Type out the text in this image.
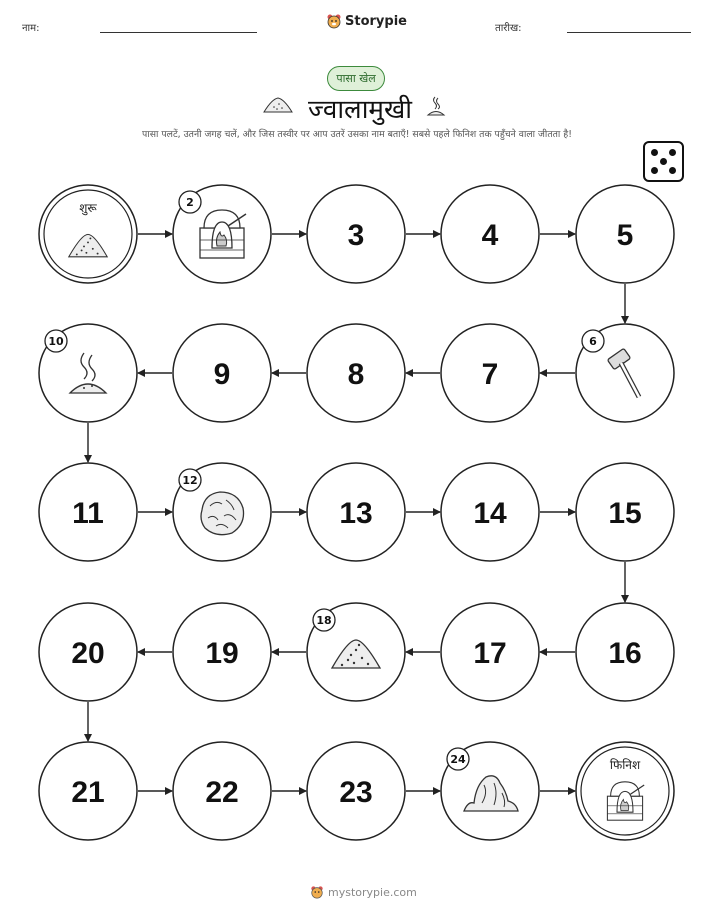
नाम:	Storypie	तारीख:
पासा खेल
ज्वालामुखी
पासा पलटें, उतनी जगह चलें, और जिस तस्वीर पर आप उतरें उसका नाम बताएँ! सबसे पहले फिनिश तक पहुँचने वाला जीतता है!
शुरू	2
3	4	5
6
7
8
9
10
11
12
13	14	15
16
17
18
19
20
21	22	23
24	फिनिश
mystorypie.com
